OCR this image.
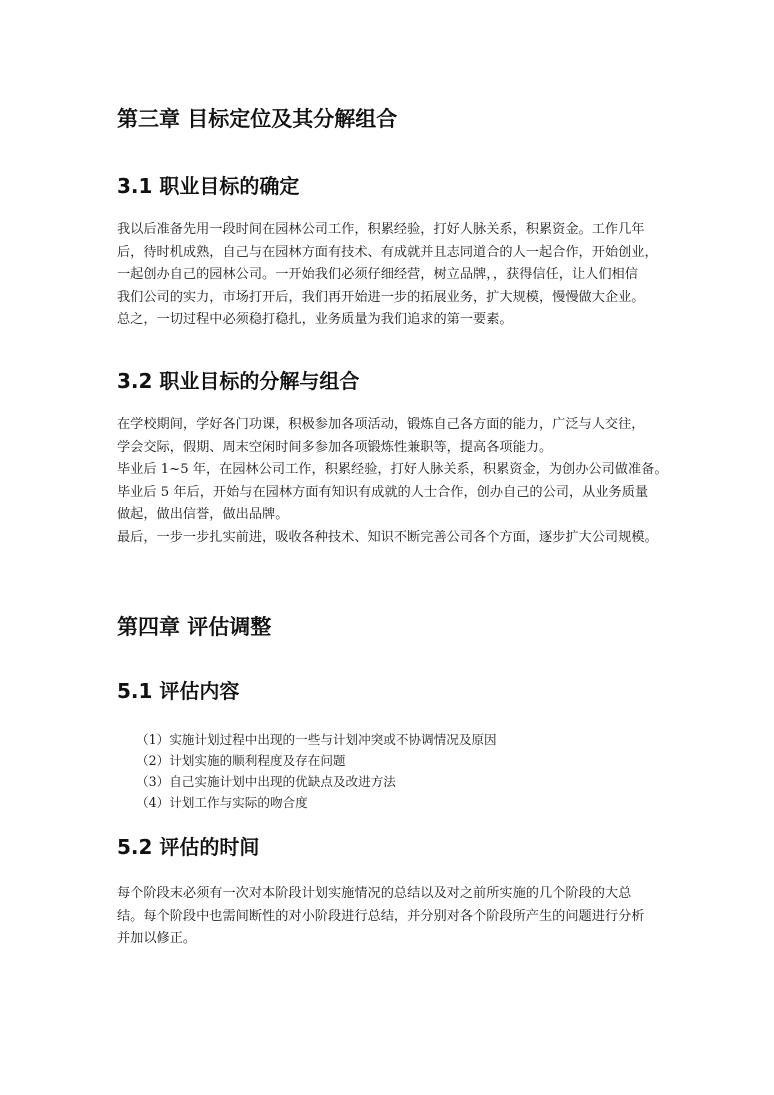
第三章 目标定位及其分解组合
3.1 职业目标的确定
我以后准备先用一段时间在园林公司工作，积累经验，打好人脉关系，积累资金。工作几年
后，待时机成熟，自己与在园林方面有技术、有成就并且志同道合的人一起合作，开始创业，
一起创办自己的园林公司。一开始我们必须仔细经营，树立品牌，，获得信任，让人们相信
我们公司的实力，市场打开后，我们再开始进一步的拓展业务，扩大规模，慢慢做大企业。
总之，一切过程中必须稳打稳扎，业务质量为我们追求的第一要素。
3.2 职业目标的分解与组合
在学校期间，学好各门功课，积极参加各项活动，锻炼自己各方面的能力，广泛与人交往，
学会交际，假期、周末空闲时间多参加各项锻炼性兼职等，提高各项能力。
毕业后 1~5 年，在园林公司工作，积累经验，打好人脉关系，积累资金，为创办公司做准备。
毕业后 5 年后，开始与在园林方面有知识有成就的人士合作，创办自己的公司，从业务质量
做起，做出信誉，做出品牌。
最后，一步一步扎实前进，吸收各种技术、知识不断完善公司各个方面，逐步扩大公司规模。
第四章 评估调整
5.1 评估内容
（1）实施计划过程中出现的一些与计划冲突或不协调情况及原因
（2）计划实施的顺利程度及存在问题
（3）自己实施计划中出现的优缺点及改进方法
（4）计划工作与实际的吻合度
5.2 评估的时间
每个阶段末必须有一次对本阶段计划实施情况的总结以及对之前所实施的几个阶段的大总
结。每个阶段中也需间断性的对小阶段进行总结，并分别对各个阶段所产生的问题进行分析
并加以修正。
